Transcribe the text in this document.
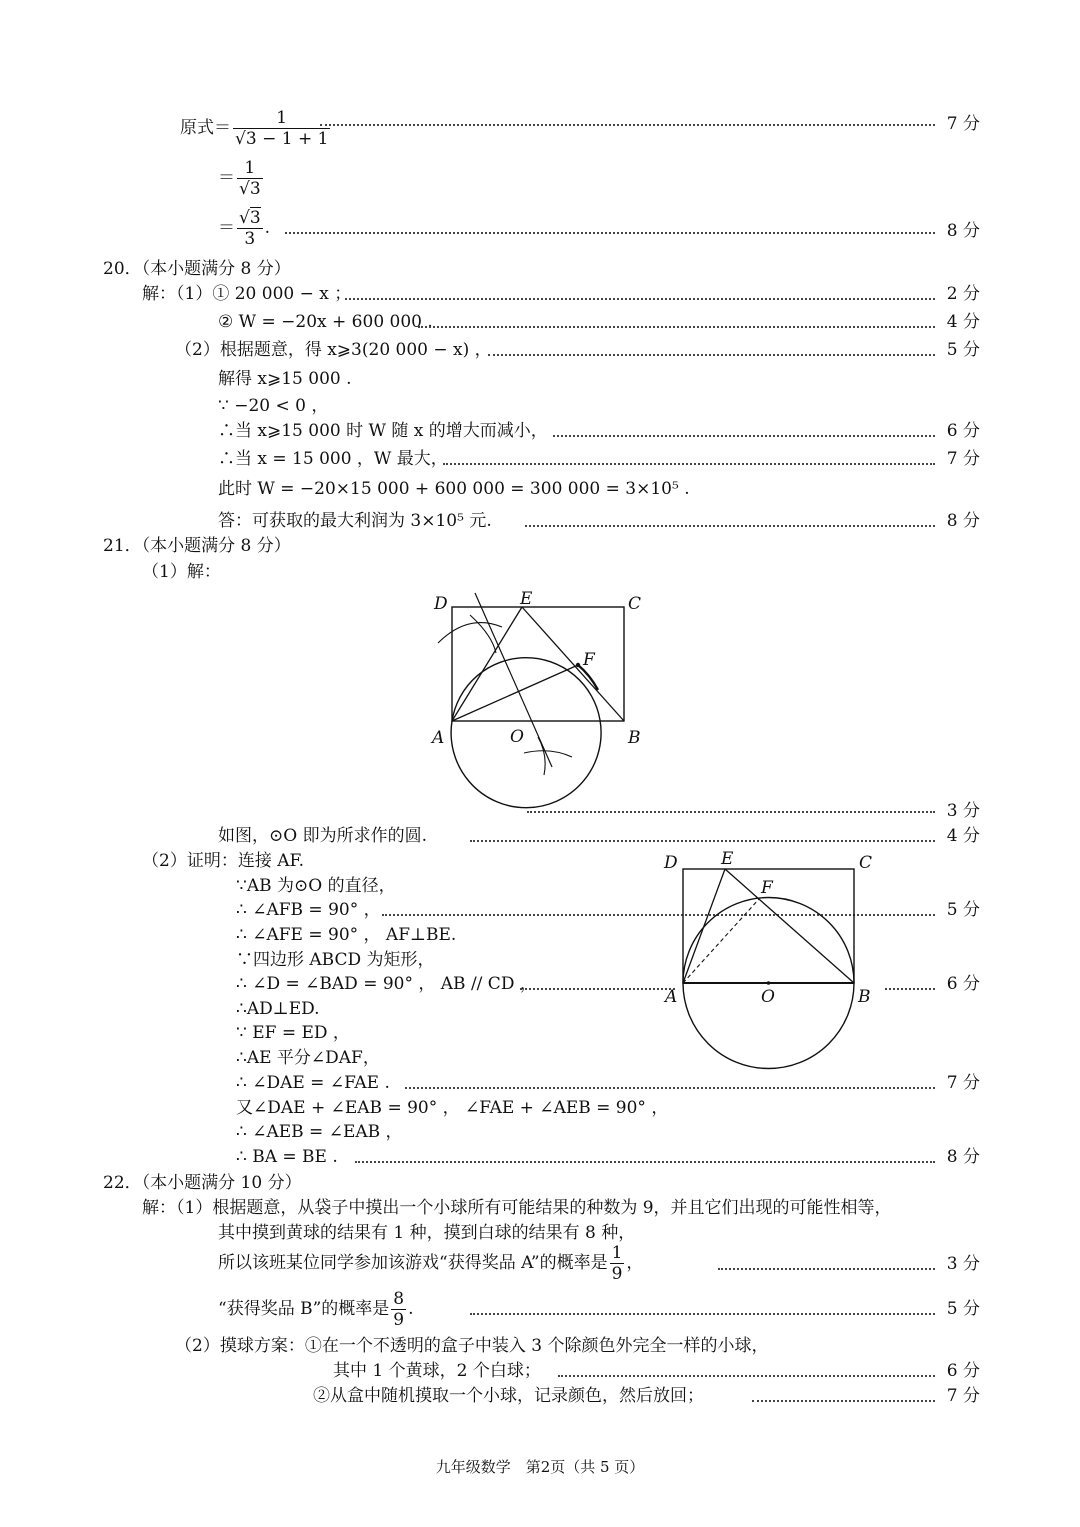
原式＝ $\frac{1}{√3 - 1 + 1}$	7 分
＝ $\frac{1}{√3}$
＝ $\frac{√3}{3}$ .	8 分
20．（本小题满分 8 分）
解：（1）① 20 000 − x ；	2 分
② W = −20x + 600 000 .	4 分
（2）根据题意，得 x⩾3(20 000 − x) ，	5 分
解得 x⩾15 000 .
∵ −20 < 0 ，
∴当 x⩾15 000 时 W 随 x 的增大而减小，	6 分
∴当 x = 15 000 ，W 最大，	7 分
此时 W = −20×15 000 + 600 000 = 300 000 = 3×10⁵ .
答：可获取的最大利润为 3×10⁵ 元.	8 分
21．（本小题满分 8 分）
（1）解：
D	E	C
F
A	O	B
3 分
如图，⊙O 即为所求作的圆.	4 分
（2）证明：连接 AF.
∵AB 为⊙O 的直径，
∴ ∠AFB = 90° ，	5 分
∴ ∠AFE = 90° ， AF⊥BE.
∵四边形 ABCD 为矩形，
∴ ∠D = ∠BAD = 90° ， AB // CD ，	6 分
∴AD⊥ED.
∵ EF = ED ，
∴AE 平分∠DAF，
∴ ∠DAE = ∠FAE .	7 分
又∠DAE + ∠EAB = 90° ， ∠FAE + ∠AEB = 90° ，
∴ ∠AEB = ∠EAB ，
∴ BA = BE .	8 分
D	E	C
F
A	O	B
22．（本小题满分 10 分）
解：（1）根据题意，从袋子中摸出一个小球所有可能结果的种数为 9，并且它们出现的可能性相等，
其中摸到黄球的结果有 1 种，摸到白球的结果有 8 种，
所以该班某位同学参加该游戏“获得奖品 A”的概率是 $\frac{1}{9}$ ，	3 分
“获得奖品 B”的概率是 $\frac{8}{9}$ .	5 分
（2）摸球方案：①在一个不透明的盒子中装入 3 个除颜色外完全一样的小球，
其中 1 个黄球，2 个白球；	6 分
②从盒中随机摸取一个小球，记录颜色，然后放回；	7 分
九年级数学　第2页（共 5 页）
